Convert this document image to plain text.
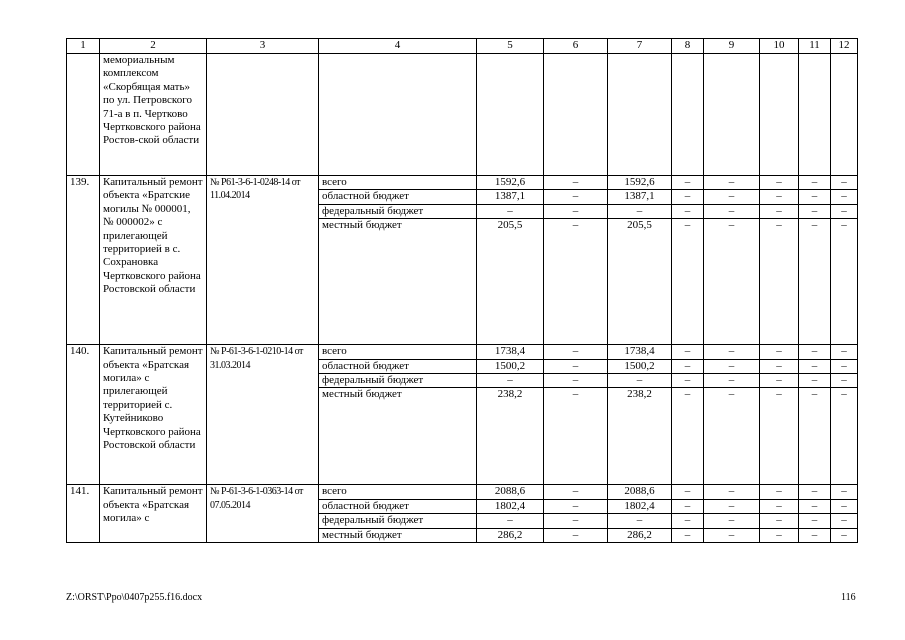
1	2	3	4	5	6	7	8	9	10	11	12
	мемориальным комплексом «Скорбящая мать» по ул. Петровского 71-а в п. Чертково Чертковского района Ростов-ской области										
139.	Капитальный ремонт объекта «Братские могилы № 000001, № 000002» с прилегающей территорией в с. Сохрановка Чертковского района Ростовской области	№ Р61-3-6-1-0248-14 от 11.04.2014	всего	1592,6	–	1592,6	–	–	–	–	–
			областной бюджет	1387,1	–	1387,1	–	–	–	–	–
			федеральный бюджет	–	–	–	–	–	–	–	–
			местный бюджет	205,5	–	205,5	–	–	–	–	–
140.	Капитальный ремонт объекта «Братская могила» с прилегающей территорией с. Кутейниково Чертковского района Ростовской области	№ Р-61-3-6-1-0210-14 от 31.03.2014	всего	1738,4	–	1738,4	–	–	–	–	–
			областной бюджет	1500,2	–	1500,2	–	–	–	–	–
			федеральный бюджет	–	–	–	–	–	–	–	–
			местный бюджет	238,2	–	238,2	–	–	–	–	–
141.	Капитальный ремонт объекта «Братская могила» с	№ Р-61-3-6-1-0363-14 от 07.05.2014	всего	2088,6	–	2088,6	–	–	–	–	–
			областной бюджет	1802,4	–	1802,4	–	–	–	–	–
			федеральный бюджет	–	–	–	–	–	–	–	–
			местный бюджет	286,2	–	286,2	–	–	–	–	–
Z:\ORST\Ppo\0407p255.f16.docx	116
